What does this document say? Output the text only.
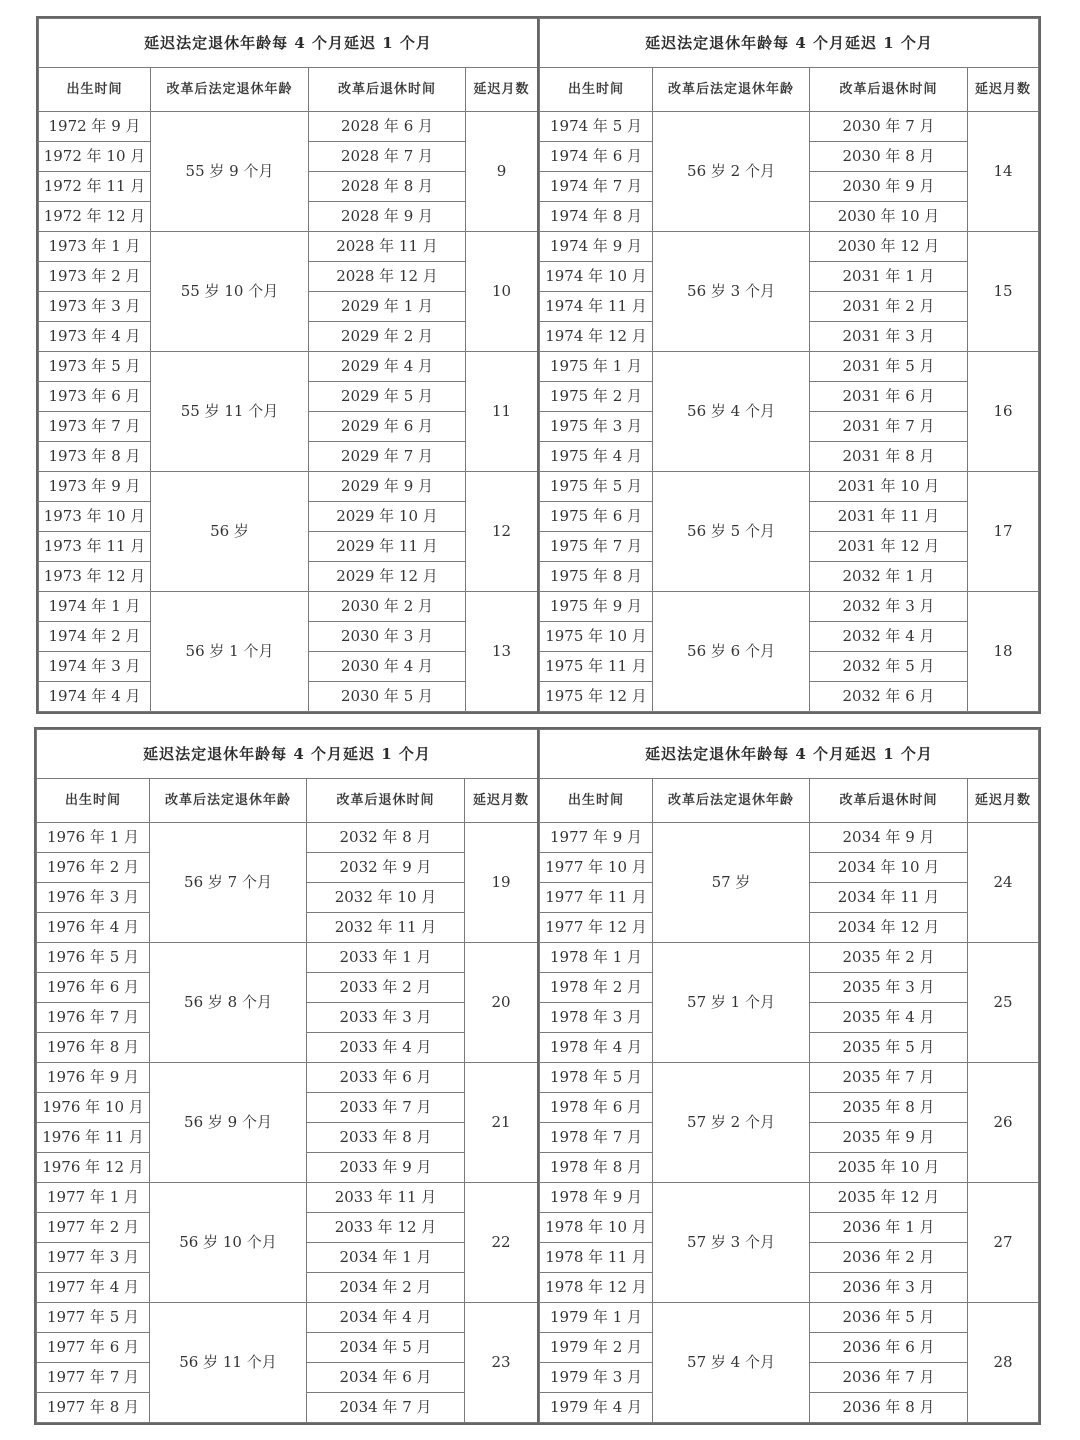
延迟法定退休年龄每 4 个月延迟 1 个月			
出生时间	改革后法定退休年龄	改革后退休时间	延迟月数
1972 年 9 月	55 岁 9 个月	2028 年 6 月	9
1972 年 10 月		2028 年 7 月	
1972 年 11 月		2028 年 8 月	
1972 年 12 月		2028 年 9 月	
1973 年 1 月	55 岁 10 个月	2028 年 11 月	10
1973 年 2 月		2028 年 12 月	
1973 年 3 月		2029 年 1 月	
1973 年 4 月		2029 年 2 月	
1973 年 5 月	55 岁 11 个月	2029 年 4 月	11
1973 年 6 月		2029 年 5 月	
1973 年 7 月		2029 年 6 月	
1973 年 8 月		2029 年 7 月	
1973 年 9 月	56 岁	2029 年 9 月	12
1973 年 10 月		2029 年 10 月	
1973 年 11 月		2029 年 11 月	
1973 年 12 月		2029 年 12 月	
1974 年 1 月	56 岁 1 个月	2030 年 2 月	13
1974 年 2 月		2030 年 3 月	
1974 年 3 月		2030 年 4 月	
1974 年 4 月		2030 年 5 月	
延迟法定退休年龄每 4 个月延迟 1 个月			
出生时间	改革后法定退休年龄	改革后退休时间	延迟月数
1974 年 5 月	56 岁 2 个月	2030 年 7 月	14
1974 年 6 月		2030 年 8 月	
1974 年 7 月		2030 年 9 月	
1974 年 8 月		2030 年 10 月	
1974 年 9 月	56 岁 3 个月	2030 年 12 月	15
1974 年 10 月		2031 年 1 月	
1974 年 11 月		2031 年 2 月	
1974 年 12 月		2031 年 3 月	
1975 年 1 月	56 岁 4 个月	2031 年 5 月	16
1975 年 2 月		2031 年 6 月	
1975 年 3 月		2031 年 7 月	
1975 年 4 月		2031 年 8 月	
1975 年 5 月	56 岁 5 个月	2031 年 10 月	17
1975 年 6 月		2031 年 11 月	
1975 年 7 月		2031 年 12 月	
1975 年 8 月		2032 年 1 月	
1975 年 9 月	56 岁 6 个月	2032 年 3 月	18
1975 年 10 月		2032 年 4 月	
1975 年 11 月		2032 年 5 月	
1975 年 12 月		2032 年 6 月	
延迟法定退休年龄每 4 个月延迟 1 个月			
出生时间	改革后法定退休年龄	改革后退休时间	延迟月数
1976 年 1 月	56 岁 7 个月	2032 年 8 月	19
1976 年 2 月		2032 年 9 月	
1976 年 3 月		2032 年 10 月	
1976 年 4 月		2032 年 11 月	
1976 年 5 月	56 岁 8 个月	2033 年 1 月	20
1976 年 6 月		2033 年 2 月	
1976 年 7 月		2033 年 3 月	
1976 年 8 月		2033 年 4 月	
1976 年 9 月	56 岁 9 个月	2033 年 6 月	21
1976 年 10 月		2033 年 7 月	
1976 年 11 月		2033 年 8 月	
1976 年 12 月		2033 年 9 月	
1977 年 1 月	56 岁 10 个月	2033 年 11 月	22
1977 年 2 月		2033 年 12 月	
1977 年 3 月		2034 年 1 月	
1977 年 4 月		2034 年 2 月	
1977 年 5 月	56 岁 11 个月	2034 年 4 月	23
1977 年 6 月		2034 年 5 月	
1977 年 7 月		2034 年 6 月	
1977 年 8 月		2034 年 7 月	
延迟法定退休年龄每 4 个月延迟 1 个月			
出生时间	改革后法定退休年龄	改革后退休时间	延迟月数
1977 年 9 月	57 岁	2034 年 9 月	24
1977 年 10 月		2034 年 10 月	
1977 年 11 月		2034 年 11 月	
1977 年 12 月		2034 年 12 月	
1978 年 1 月	57 岁 1 个月	2035 年 2 月	25
1978 年 2 月		2035 年 3 月	
1978 年 3 月		2035 年 4 月	
1978 年 4 月		2035 年 5 月	
1978 年 5 月	57 岁 2 个月	2035 年 7 月	26
1978 年 6 月		2035 年 8 月	
1978 年 7 月		2035 年 9 月	
1978 年 8 月		2035 年 10 月	
1978 年 9 月	57 岁 3 个月	2035 年 12 月	27
1978 年 10 月		2036 年 1 月	
1978 年 11 月		2036 年 2 月	
1978 年 12 月		2036 年 3 月	
1979 年 1 月	57 岁 4 个月	2036 年 5 月	28
1979 年 2 月		2036 年 6 月	
1979 年 3 月		2036 年 7 月	
1979 年 4 月		2036 年 8 月	
